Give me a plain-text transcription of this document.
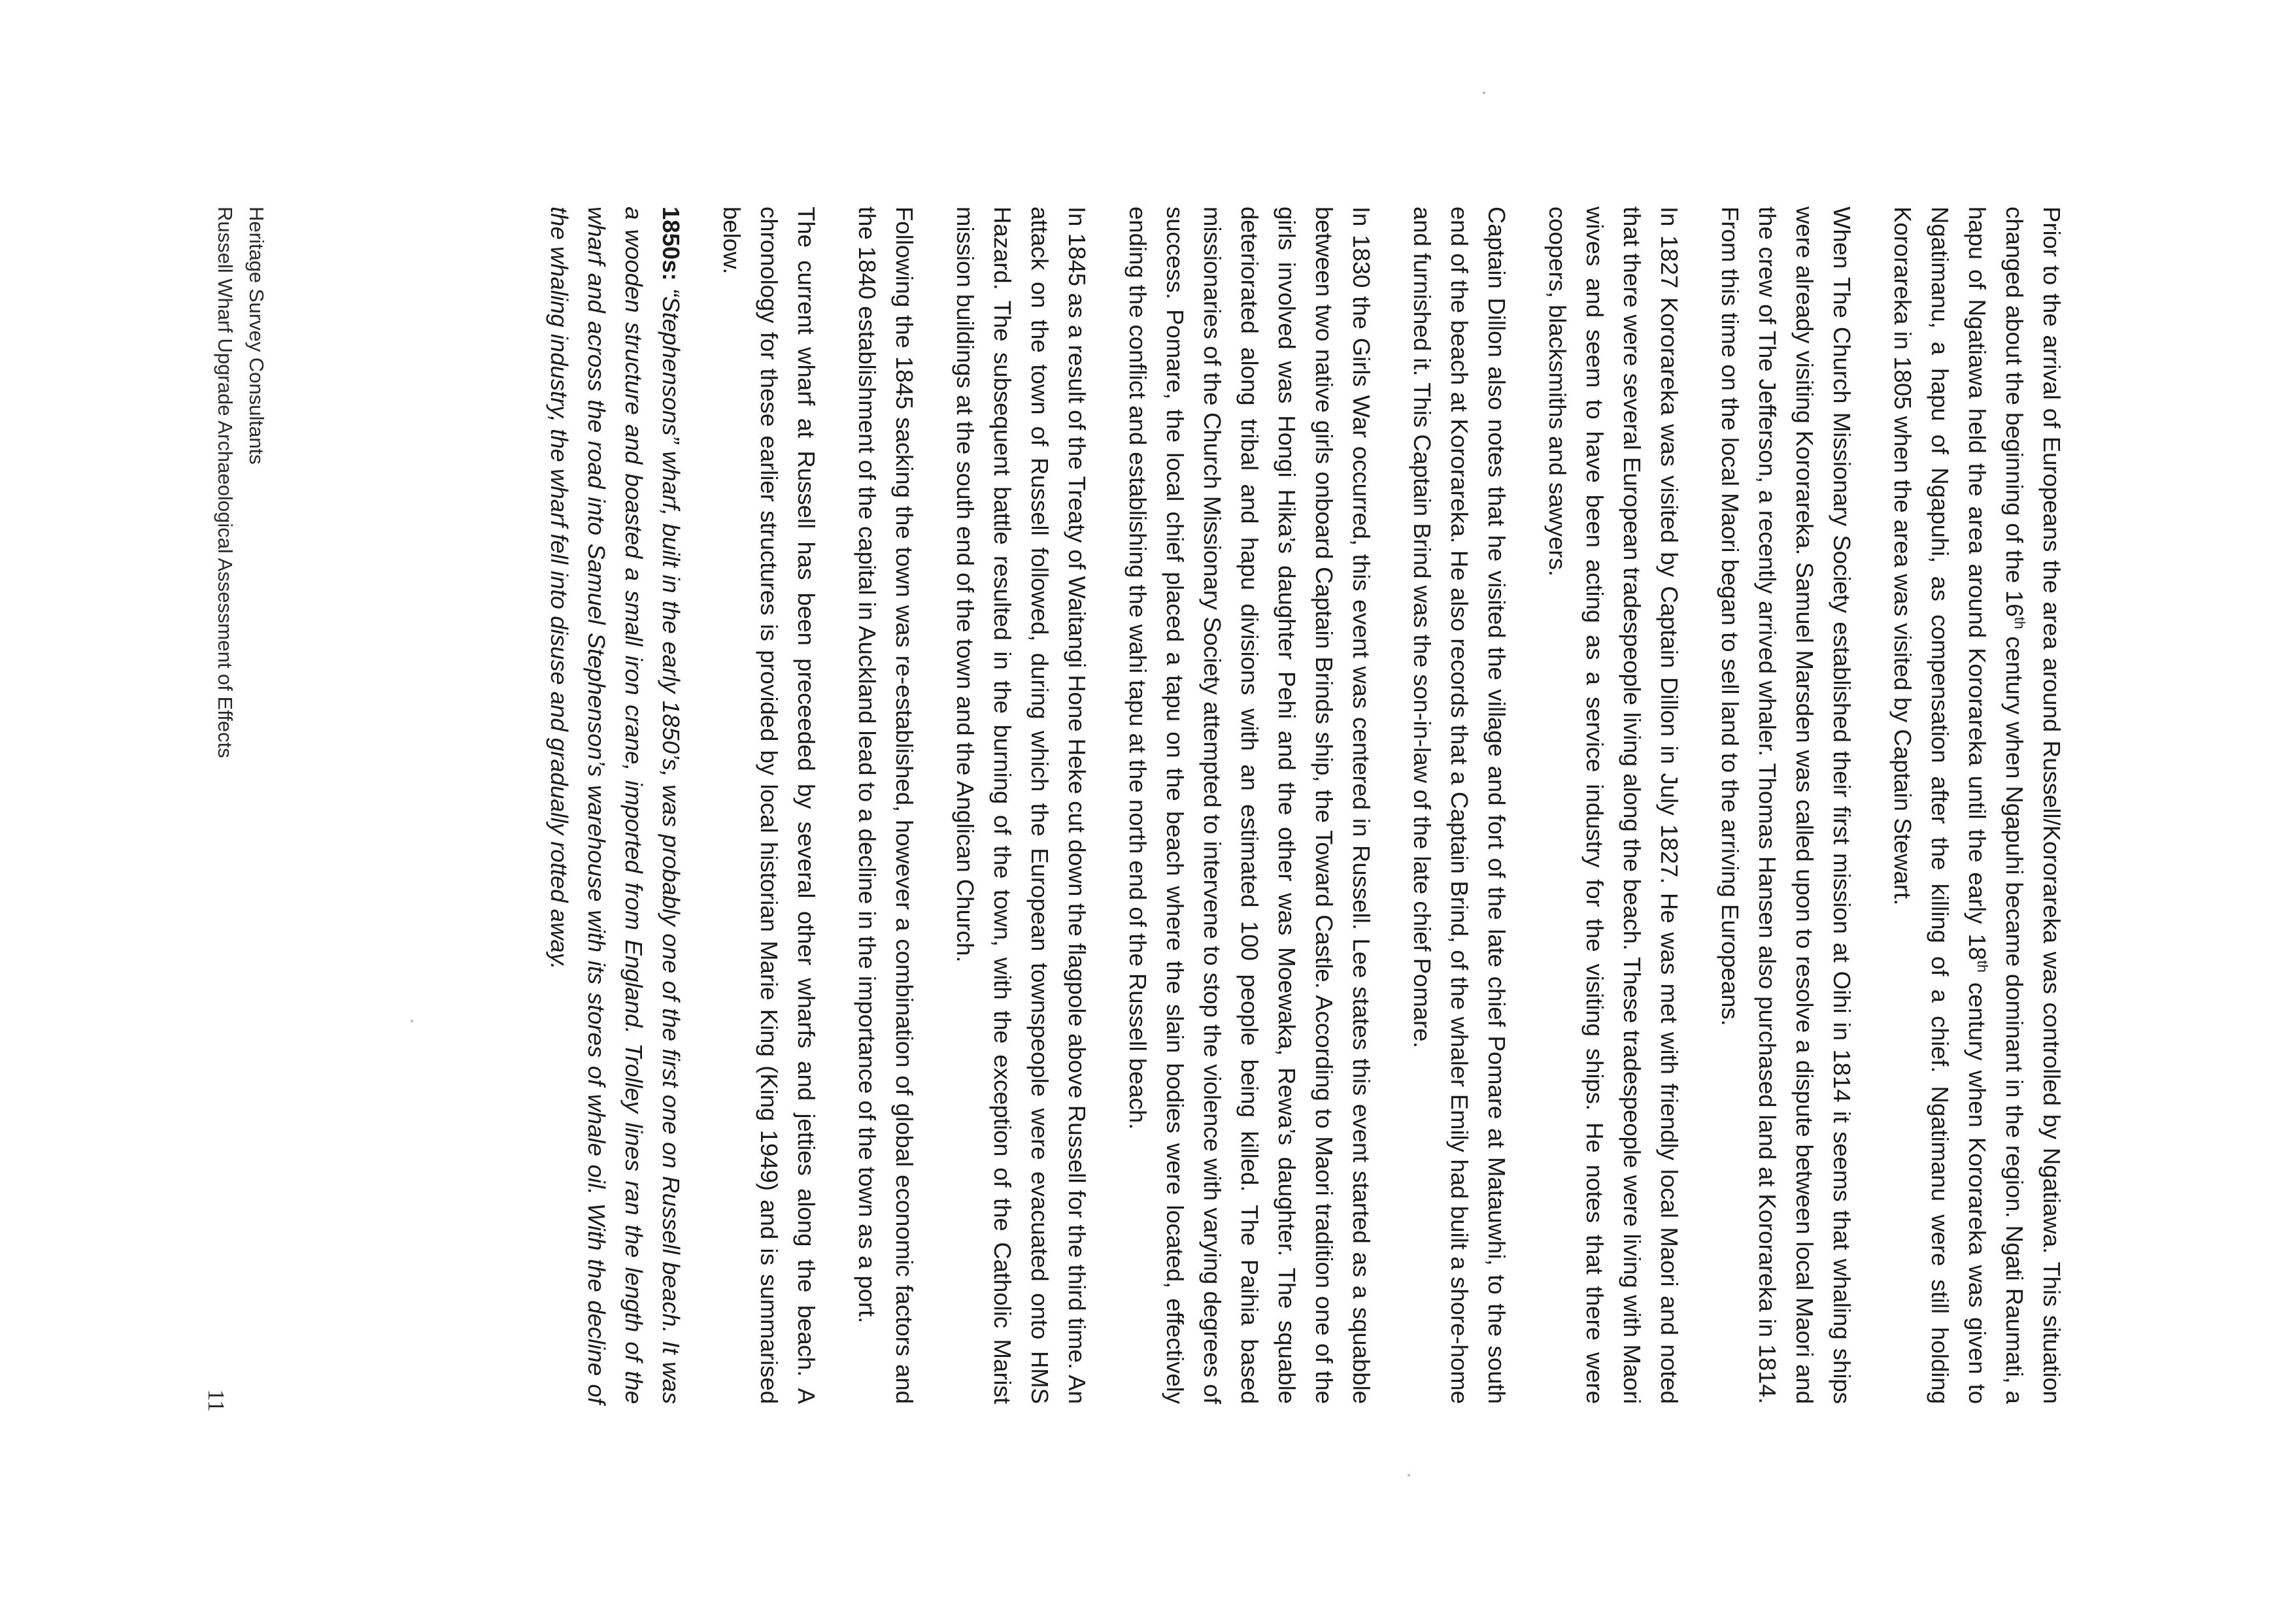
Prior to the arrival of Europeans the area around Russell/Kororareka was controlled by Ngatiawa. This situation changed about the beginning of the 16th century when Ngapuhi became dominant in the region. Ngati Raumati, a hapu of Ngatiawa held the area around Kororareka until the early 18th century when Kororareka was given to Ngatimanu, a hapu of Ngapuhi, as compensation after the killing of a chief. Ngatimanu were still holding Kororareka in 1805 when the area was visited by Captain Stewart.

When The Church Missionary Society established their first mission at Oihi in 1814 it seems that whaling ships were already visiting Kororareka. Samuel Marsden was called upon to resolve a dispute between local Maori and the crew of The Jefferson, a recently arrived whaler. Thomas Hansen also purchased land at Kororareka in 1814. From this time on the local Maori began to sell land to the arriving Europeans.

In 1827 Kororareka was visited by Captain Dillon in July 1827. He was met with friendly local Maori and noted that there were several European tradespeople living along the beach. These tradespeople were living with Maori wives and seem to have been acting as a service industry for the visiting ships. He notes that there were coopers, blacksmiths and sawyers.

Captain Dillon also notes that he visited the village and fort of the late chief Pomare at Matauwhi, to the south end of the beach at Kororareka. He also records that a Captain Brind, of the whaler Emily had built a shore-home and furnished it. This Captain Brind was the son-in-law of the late chief Pomare.

In 1830 the Girls War occurred, this event was centered in Russell. Lee states this event started as a squabble between two native girls onboard Captain Brinds ship, the Toward Castle. According to Maori tradition one of the girls involved was Hongi Hika’s daughter Pehi and the other was Moewaka, Rewa’s daughter. The squable deteriorated along tribal and hapu divisions with an estimated 100 people being killed. The Paihia based missionaries of the Church Missionary Society attempted to intervene to stop the violence with varying degrees of success. Pomare, the local chief placed a tapu on the beach where the slain bodies were located, effectively ending the conflict and establishing the wahi tapu at the north end of the Russell beach.

In 1845 as a result of the Treaty of Waitangi Hone Heke cut down the flagpole above Russell for the third time. An attack on the town of Russell followed, during which the European townspeople were evacuated onto HMS Hazard. The subsequent battle resulted in the burning of the town, with the exception of the Catholic Marist mission buildings at the south end of the town and the Anglican Church.

Following the 1845 sacking the town was re-established, however a combination of global economic factors and the 1840 establishment of the capital in Auckland lead to a decline in the importance of the town as a port.

The current wharf at Russell has been preceeded by several other wharfs and jetties along the beach. A chronology for these earlier structures is provided by local historian Marie King (King 1949) and is summarised below.

1850s: “Stephensons” wharf, built in the early 1850’s, was probably one of the first one on Russell beach. It was a wooden structure and boasted a small iron crane, imported from England. Trolley lines ran the length of the wharf and across the road into Samuel Stephenson’s warehouse with its stores of whale oil. With the decline of the whaling industry, the wharf fell into disuse and gradually rotted away.

Heritage Survey Consultants
Russell Wharf Upgrade Archaeological Assessment of Effects
11
